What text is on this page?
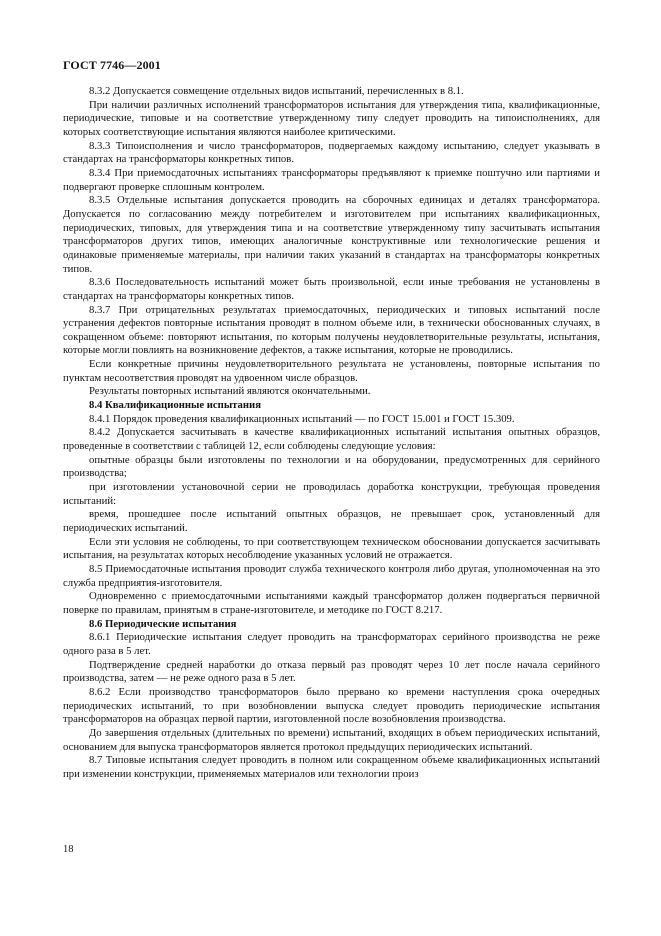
ГОСТ 7746—2001

8.3.2 Допускается совмещение отдельных видов испытаний, перечисленных в 8.1.

При наличии различных исполнений трансформаторов испытания для утверждения типа, квалификационные, периодические, типовые и на соответствие утвержденному типу следует проводить на типоисполнениях, для которых соответствующие испытания являются наиболее критическими.

8.3.3 Типоисполнения и число трансформаторов, подвергаемых каждому испытанию, следует указывать в стандартах на трансформаторы конкретных типов.

8.3.4 При приемосдаточных испытаниях трансформаторы предъявляют к приемке поштучно или партиями и подвергают проверке сплошным контролем.

8.3.5 Отдельные испытания допускается проводить на сборочных единицах и деталях трансформатора. Допускается по согласованию между потребителем и изготовителем при испытаниях квалификационных, периодических, типовых, для утверждения типа и на соответствие утвержденному типу засчитывать испытания трансформаторов других типов, имеющих аналогичные конструктивные или технологические решения и одинаковые применяемые материалы, при наличии таких указаний в стандартах на трансформаторы конкретных типов.

8.3.6 Последовательность испытаний может быть произвольной, если иные требования не установлены в стандартах на трансформаторы конкретных типов.

8.3.7 При отрицательных результатах приемосдаточных, периодических и типовых испытаний после устранения дефектов повторные испытания проводят в полном объеме или, в технически обоснованных случаях, в сокращенном объеме: повторяют испытания, по которым получены неудовлетворительные результаты, испытания, которые могли повлиять на возникновение дефектов, а также испытания, которые не проводились.

Если конкретные причины неудовлетворительного результата не установлены, повторные испытания по пунктам несоответствия проводят на удвоенном числе образцов.

Результаты повторных испытаний являются окончательными.

8.4 Квалификационные испытания

8.4.1 Порядок проведения квалификационных испытаний — по ГОСТ 15.001 и ГОСТ 15.309.

8.4.2 Допускается засчитывать в качестве квалификационных испытаний испытания опытных образцов, проведенные в соответствии с таблицей 12, если соблюдены следующие условия:

опытные образцы были изготовлены по технологии и на оборудовании, предусмотренных для серийного производства;

при изготовлении установочной серии не проводилась доработка конструкции, требующая проведения испытаний:

время, прошедшее после испытаний опытных образцов, не превышает срок, установленный для периодических испытаний.

Если эти условия не соблюдены, то при соответствующем техническом обосновании допускается засчитывать испытания, на результатах которых несоблюдение указанных условий не отражается.

8.5 Приемосдаточные испытания проводит служба технического контроля либо другая, уполномоченная на это служба предприятия-изготовителя.

Одновременно с приемосдаточными испытаниями каждый трансформатор должен подвергаться первичной поверке по правилам, принятым в стране-изготовителе, и методике по ГОСТ 8.217.

8.6 Периодические испытания

8.6.1 Периодические испытания следует проводить на трансформаторах серийного производства не реже одного раза в 5 лет.

Подтверждение средней наработки до отказа первый раз проводят через 10 лет после начала серийного производства, затем — не реже одного раза в 5 лет.

8.6.2 Если производство трансформаторов было прервано ко времени наступления срока очередных периодических испытаний, то при возобновлении выпуска следует проводить периодические испытания трансформаторов на образцах первой партии, изготовленной после возобновления производства.

До завершения отдельных (длительных по времени) испытаний, входящих в объем периодических испытаний, основанием для выпуска трансформаторов является протокол предыдущих периодических испытаний.

8.7 Типовые испытания следует проводить в полном или сокращенном объеме квалификационных испытаний при изменении конструкции, применяемых материалов или технологии произ

18
